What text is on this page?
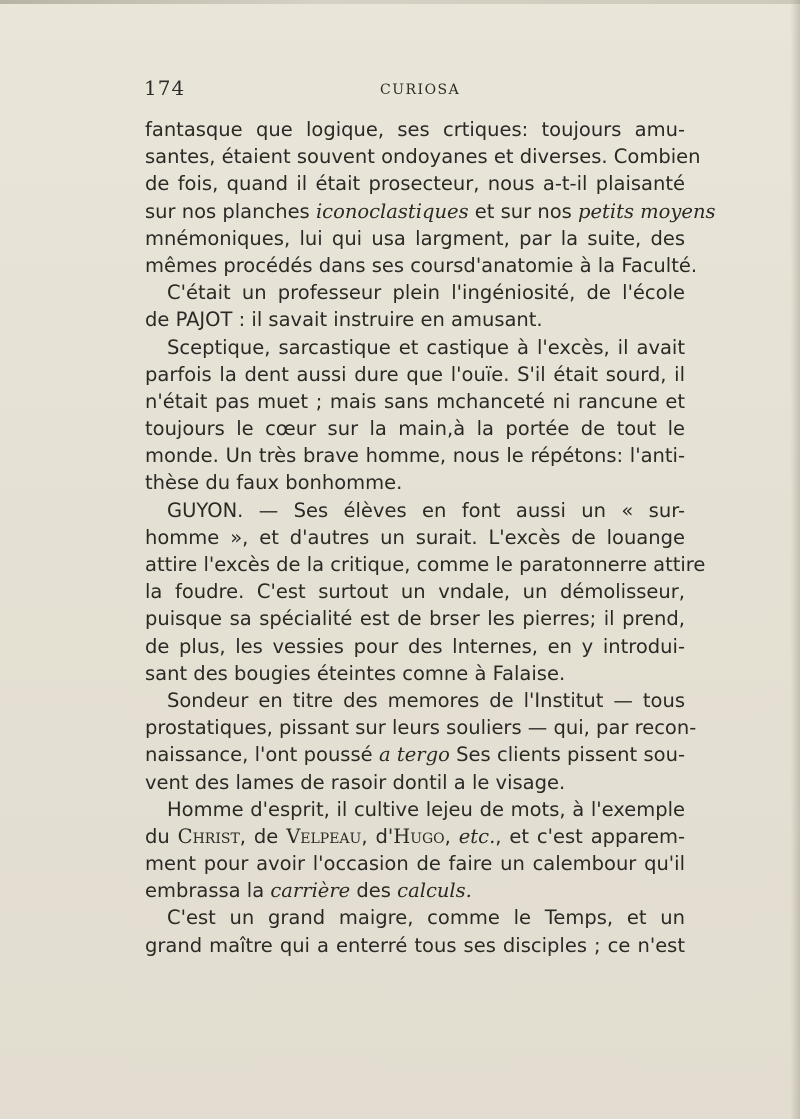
174	CURIOSA
fantasque que logique, ses crtiques: toujours amu-
santes, étaient souvent ondoyanes et diverses. Combien
de fois, quand il était prosecteur, nous a-t-il plaisanté
sur nos planches iconoclastiques et sur nos petits moyens
mnémoniques, lui qui usa largment, par la suite, des
mêmes procédés dans ses coursd'anatomie à la Faculté.
C'était un professeur plein l'ingéniosité, de l'école
de PAJOT : il savait instruire en amusant.
Sceptique, sarcastique et castique à l'excès, il avait
parfois la dent aussi dure que l'ouïe. S'il était sourd, il
n'était pas muet ; mais sans mchanceté ni rancune et
toujours le cœur sur la main,à la portée de tout le
monde. Un très brave homme, nous le répétons: l'anti-
thèse du faux bonhomme.
GUYON. — Ses élèves en font aussi un « sur-
homme », et d'autres un surait. L'excès de louange
attire l'excès de la critique, comme le paratonnerre attire
la foudre. C'est surtout un vndale, un démolisseur,
puisque sa spécialité est de brser les pierres; il prend,
de plus, les vessies pour des lnternes, en y introdui-
sant des bougies éteintes comne à Falaise.
Sondeur en titre des memores de l'Institut — tous
prostatiques, pissant sur leurs souliers — qui, par recon-
naissance, l'ont poussé a tergo Ses clients pissent sou-
vent des lames de rasoir dontil a le visage.
Homme d'esprit, il cultive lejeu de mots, à l'exemple
du Christ, de Velpeau, d'Hugo, etc., et c'est apparem-
ment pour avoir l'occasion de faire un calembour qu'il
embrassa la carrière des calculs.
C'est un grand maigre, comme le Temps, et un
grand maître qui a enterré tous ses disciples ; ce n'est
